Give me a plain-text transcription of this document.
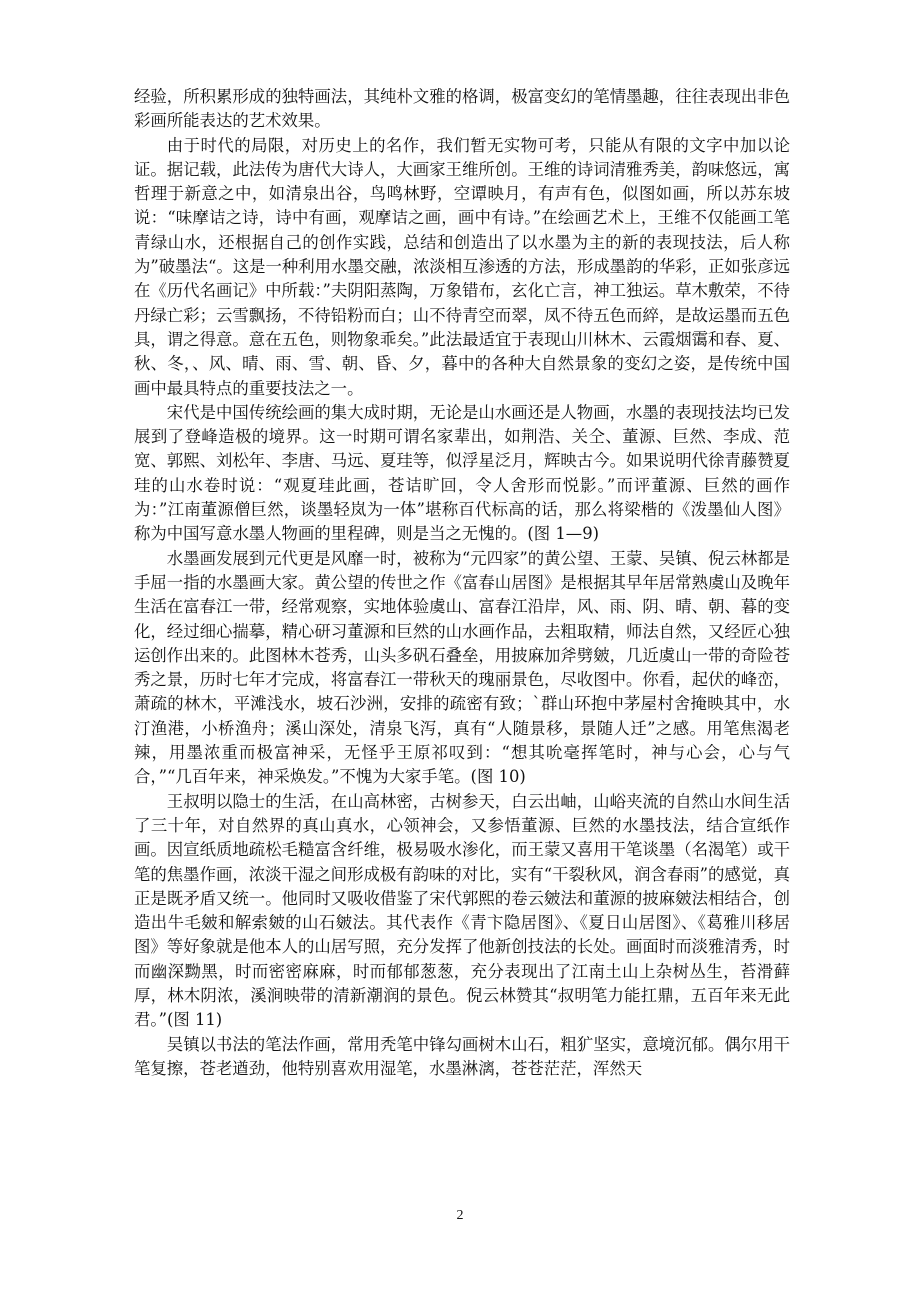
经验，所积累形成的独特画法，其纯朴文雅的格调，极富变幻的笔情墨趣，往往表现出非色彩画所能表达的艺术效果。

由于时代的局限，对历史上的名作，我们暂无实物可考，只能从有限的文字中加以论证。据记载，此法传为唐代大诗人，大画家王维所创。王维的诗词清雅秀美，韵味悠远，寓哲理于新意之中，如清泉出谷，鸟鸣林野，空谭映月，有声有色，似图如画，所以苏东坡说：“味摩诘之诗，诗中有画，观摩诘之画，画中有诗。”在绘画艺术上，王维不仅能画工笔青绿山水，还根据自己的创作实践，总结和创造出了以水墨为主的新的表现技法，后人称为”破墨法“。这是一种利用水墨交融，浓淡相互渗透的方法，形成墨韵的华彩，正如张彦远在《历代名画记》中所载：”夫阴阳蒸陶，万象错布，玄化亡言，神工独运。草木敷荣，不待丹绿亡彩；云雪飘扬，不待铅粉而白；山不待青空而翠，凤不待五色而綷，是故运墨而五色具，谓之得意。意在五色，则物象乖矣。”此法最适宜于表现山川林木、云霞烟霭和春、夏、秋、冬，、风、晴、雨、雪、朝、昏、夕，暮中的各种大自然景象的变幻之姿，是传统中国画中最具特点的重要技法之一。

宋代是中国传统绘画的集大成时期，无论是山水画还是人物画，水墨的表现技法均已发展到了登峰造极的境界。这一时期可谓名家辈出，如荆浩、关仝、董源、巨然、李成、范宽、郭熙、刘松年、李唐、马远、夏珪等，似浮星泛月，辉映古今。如果说明代徐青藤赞夏珪的山水卷时说：“观夏珪此画，苍诘旷回，令人舍形而悦影。”而评董源、巨然的画作为：”江南董源僧巨然，谈墨轻岚为一体”堪称百代标高的话，那么将梁楷的《泼墨仙人图》称为中国写意水墨人物画的里程碑，则是当之无愧的。(图 1—9)

水墨画发展到元代更是风靡一时，被称为“元四家”的黄公望、王蒙、吴镇、倪云林都是手屈一指的水墨画大家。黄公望的传世之作《富春山居图》是根据其早年居常熟虞山及晚年生活在富春江一带，经常观察，实地体验虞山、富春江沿岸，风、雨、阴、晴、朝、暮的变化，经过细心揣摹，精心研习董源和巨然的山水画作品，去粗取精，师法自然，又经匠心独运创作出来的。此图林木苍秀，山头多矾石叠垒，用披麻加斧劈皴，几近虞山一带的奇险苍秀之景，历时七年才完成，将富春江一带秋天的瑰丽景色，尽收图中。你看，起伏的峰峦，萧疏的林木，平滩浅水，坡石沙洲，安排的疏密有致；`群山环抱中茅屋村舍掩映其中，水汀渔港，小桥渔舟；溪山深处，清泉飞泻，真有“人随景移，景随人迁”之感。用笔焦渴老辣，用墨浓重而极富神采，无怪乎王原祁叹到：“想其吮毫挥笔时，神与心会，心与气合，”“几百年来，神采焕发。”不愧为大家手笔。(图 10)

王叔明以隐士的生活，在山高林密，古树参天，白云出岫，山峪夹流的自然山水间生活了三十年，对自然界的真山真水，心领神会，又参悟董源、巨然的水墨技法，结合宣纸作画。因宣纸质地疏松毛糙富含纤维，极易吸水渗化，而王蒙又喜用干笔谈墨（名渴笔）或干笔的焦墨作画，浓淡干湿之间形成极有韵味的对比，实有“干裂秋风，润含春雨”的感觉，真正是既矛盾又统一。他同时又吸收借鉴了宋代郭熙的卷云皴法和董源的披麻皴法相结合，创造出牛毛皴和解索皴的山石皴法。其代表作《青卞隐居图》、《夏日山居图》、《葛雅川移居图》等好象就是他本人的山居写照，充分发挥了他新创技法的长处。画面时而淡雅清秀，时而幽深黝黑，时而密密麻麻，时而郁郁葱葱，充分表现出了江南土山上杂树丛生，苔滑藓厚，林木阴浓，溪涧映带的清新潮润的景色。倪云林赞其“叔明笔力能扛鼎，五百年来无此君。”(图 11)

吴镇以书法的笔法作画，常用秃笔中锋勾画树木山石，粗犷坚实，意境沉郁。偶尔用干笔复擦，苍老遒劲，他特别喜欢用湿笔，水墨淋漓，苍苍茫茫，浑然天

2
